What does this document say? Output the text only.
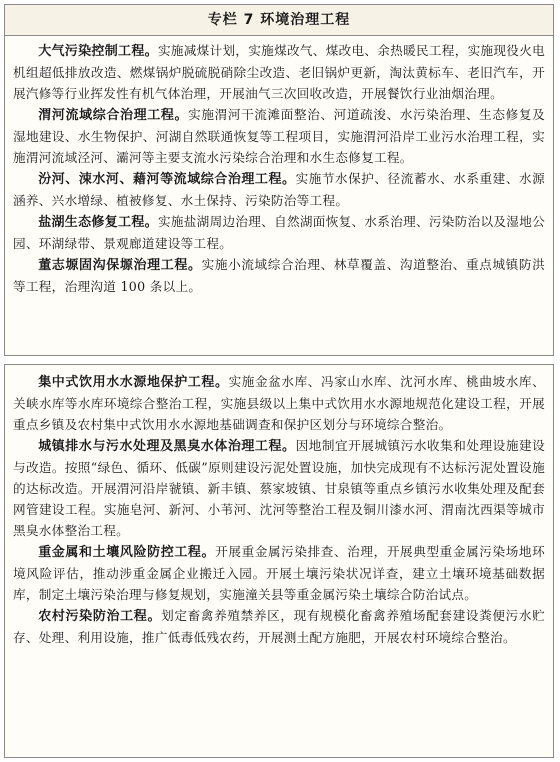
专栏 7 环境治理工程

大气污染控制工程。实施减煤计划，实施煤改气、煤改电、余热暖民工程，实施现役火电机组超低排放改造、燃煤锅炉脱硫脱硝除尘改造、老旧锅炉更新，淘汰黄标车、老旧汽车，开展汽修等行业挥发性有机气体治理，开展油气三次回收改造，开展餐饮行业油烟治理。

渭河流域综合治理工程。实施渭河干流滩面整治、河道疏浚、水污染治理、生态修复及湿地建设、水生物保护、河湖自然联通恢复等工程项目，实施渭河沿岸工业污水治理工程，实施渭河流域泾河、灞河等主要支流水污染综合治理和水生态修复工程。

汾河、涑水河、藉河等流域综合治理工程。实施节水保护、径流蓄水、水系重建、水源涵养、兴水增绿、植被修复、水土保持、污染防治等工程。

盐湖生态修复工程。实施盐湖周边治理、自然湖面恢复、水系治理、污染防治以及湿地公园、环湖绿带、景观廊道建设等工程。

董志塬固沟保塬治理工程。实施小流域综合治理、林草覆盖、沟道整治、重点城镇防洪等工程，治理沟道 100 条以上。

集中式饮用水水源地保护工程。实施金盆水库、冯家山水库、沈河水库、桃曲坡水库、关峡水库等水库环境综合整治工程，实施县级以上集中式饮用水水源地规范化建设工程，开展重点乡镇及农村集中式饮用水水源地基础调查和保护区划分与环境综合整治。

城镇排水与污水处理及黑臭水体治理工程。因地制宜开展城镇污水收集和处理设施建设与改造。按照“绿色、循环、低碳”原则建设污泥处置设施，加快完成现有不达标污泥处置设施的达标改造。开展渭河沿岸虢镇、新丰镇、蔡家坡镇、甘泉镇等重点乡镇污水收集处理及配套网管建设工程。实施皂河、新河、小苇河、沈河等整治工程及铜川漆水河、渭南沈西渠等城市黑臭水体整治工程。

重金属和土壤风险防控工程。开展重金属污染排查、治理，开展典型重金属污染场地环境风险评估，推动涉重金属企业搬迁入园。开展土壤污染状况详查，建立土壤环境基础数据库，制定土壤污染治理与修复规划，实施潼关县等重金属污染土壤综合防治试点。

农村污染防治工程。划定畜禽养殖禁养区，现有规模化畜禽养殖场配套建设粪便污水贮存、处理、利用设施，推广低毒低残农药，开展测土配方施肥，开展农村环境综合整治。
